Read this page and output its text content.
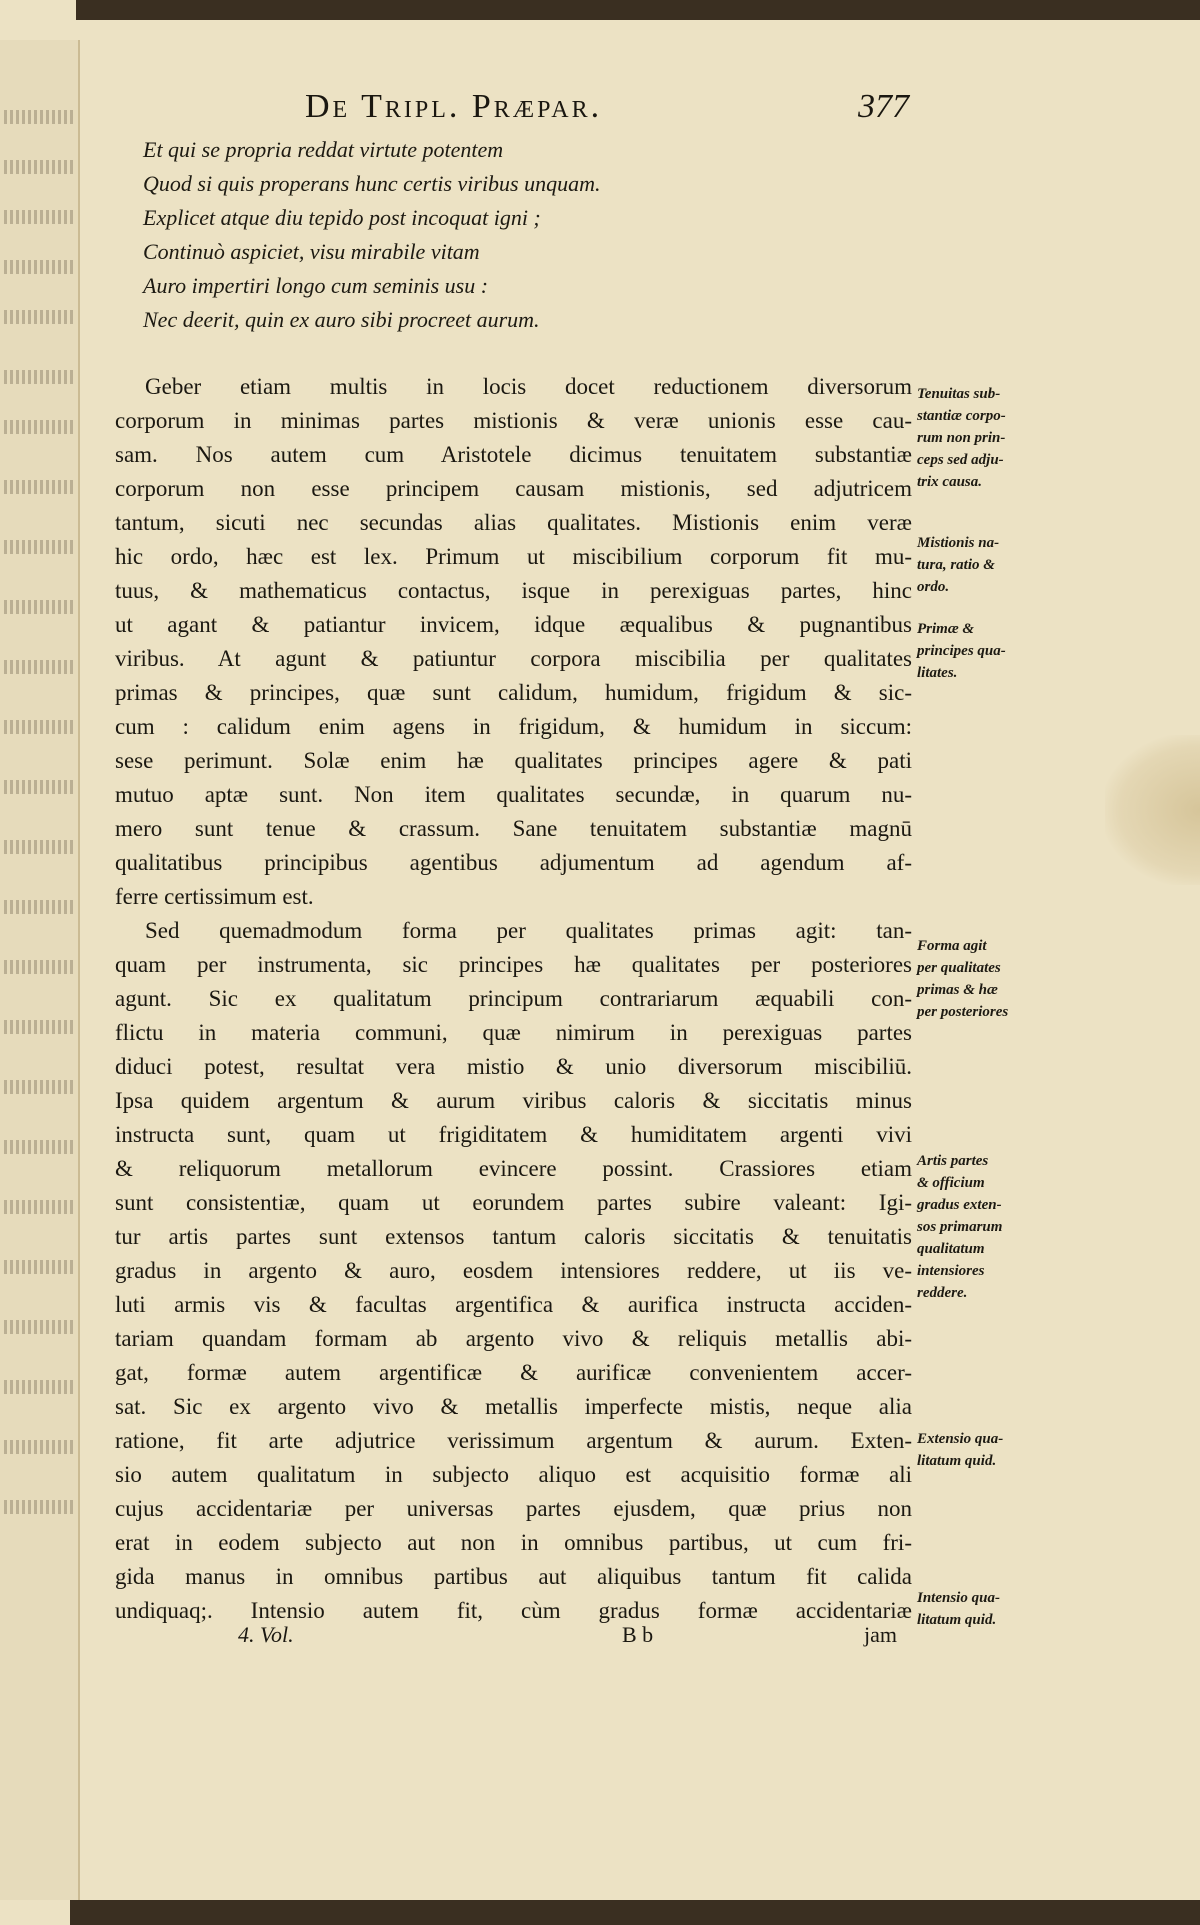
De Tripl. Præpar.	377
Et qui se propria reddat virtute potentem
Quod si quis properans hunc certis viribus unquam.
Explicet atque diu tepido post incoquat igni ;
Continuò aspiciet, visu mirabile vitam
Auro impertiri longo cum seminis usu :
Nec deerit, quin ex auro sibi procreet aurum.
Geber etiam multis in locis docet reductionem diversorum
corporum in minimas partes mistionis & veræ unionis esse cau-
sam. Nos autem cum Aristotele dicimus tenuitatem substantiæ
corporum non esse principem causam mistionis, sed adjutricem
tantum, sicuti nec secundas alias qualitates. Mistionis enim veræ
hic ordo, hæc est lex. Primum ut miscibilium corporum fit mu-
tuus, & mathematicus contactus, isque in perexiguas partes, hinc
ut agant & patiantur invicem, idque æqualibus & pugnantibus
viribus. At agunt & patiuntur corpora miscibilia per qualitates
primas & principes, quæ sunt calidum, humidum, frigidum & sic-
cum : calidum enim agens in frigidum, & humidum in siccum:
sese perimunt. Solæ enim hæ qualitates principes agere & pati
mutuo aptæ sunt. Non item qualitates secundæ, in quarum nu-
mero sunt tenue & crassum. Sane tenuitatem substantiæ magnū
qualitatibus principibus agentibus adjumentum ad agendum af-
ferre certissimum est.
Sed quemadmodum forma per qualitates primas agit: tan-
quam per instrumenta, sic principes hæ qualitates per posteriores
agunt. Sic ex qualitatum principum contrariarum æquabili con-
flictu in materia communi, quæ nimirum in perexiguas partes
diduci potest, resultat vera mistio & unio diversorum miscibiliū.
Ipsa quidem argentum & aurum viribus caloris & siccitatis minus
instructa sunt, quam ut frigiditatem & humiditatem argenti vivi
& reliquorum metallorum evincere possint. Crassiores etiam
sunt consistentiæ, quam ut eorundem partes subire valeant: Igi-
tur artis partes sunt extensos tantum caloris siccitatis & tenuitatis
gradus in argento & auro, eosdem intensiores reddere, ut iis ve-
luti armis vis & facultas argentifica & aurifica instructa acciden-
tariam quandam formam ab argento vivo & reliquis metallis abi-
gat, formæ autem argentificæ & aurificæ convenientem accer-
sat. Sic ex argento vivo & metallis imperfecte mistis, neque alia
ratione, fit arte adjutrice verissimum argentum & aurum. Exten-
sio autem qualitatum in subjecto aliquo est acquisitio formæ ali
cujus accidentariæ per universas partes ejusdem, quæ prius non
erat in eodem subjecto aut non in omnibus partibus, ut cum fri-
gida manus in omnibus partibus aut aliquibus tantum fit calida
undiquaq;. Intensio autem fit, cùm gradus formæ accidentariæ
Tenuitas sub-
stantiæ corpo-
rum non prin-
ceps sed adju-
trix causa.
Mistionis na-
tura, ratio &
ordo.
Primæ &
principes qua-
litates.
Forma agit
per qualitates
primas & hæ
per posteriores
Artis partes
& officium
gradus exten-
sos primarum
qualitatum
intensiores
reddere.
Extensio qua-
litatum quid.
Intensio qua-
litatum quid.
4. Vol.	B b	jam
